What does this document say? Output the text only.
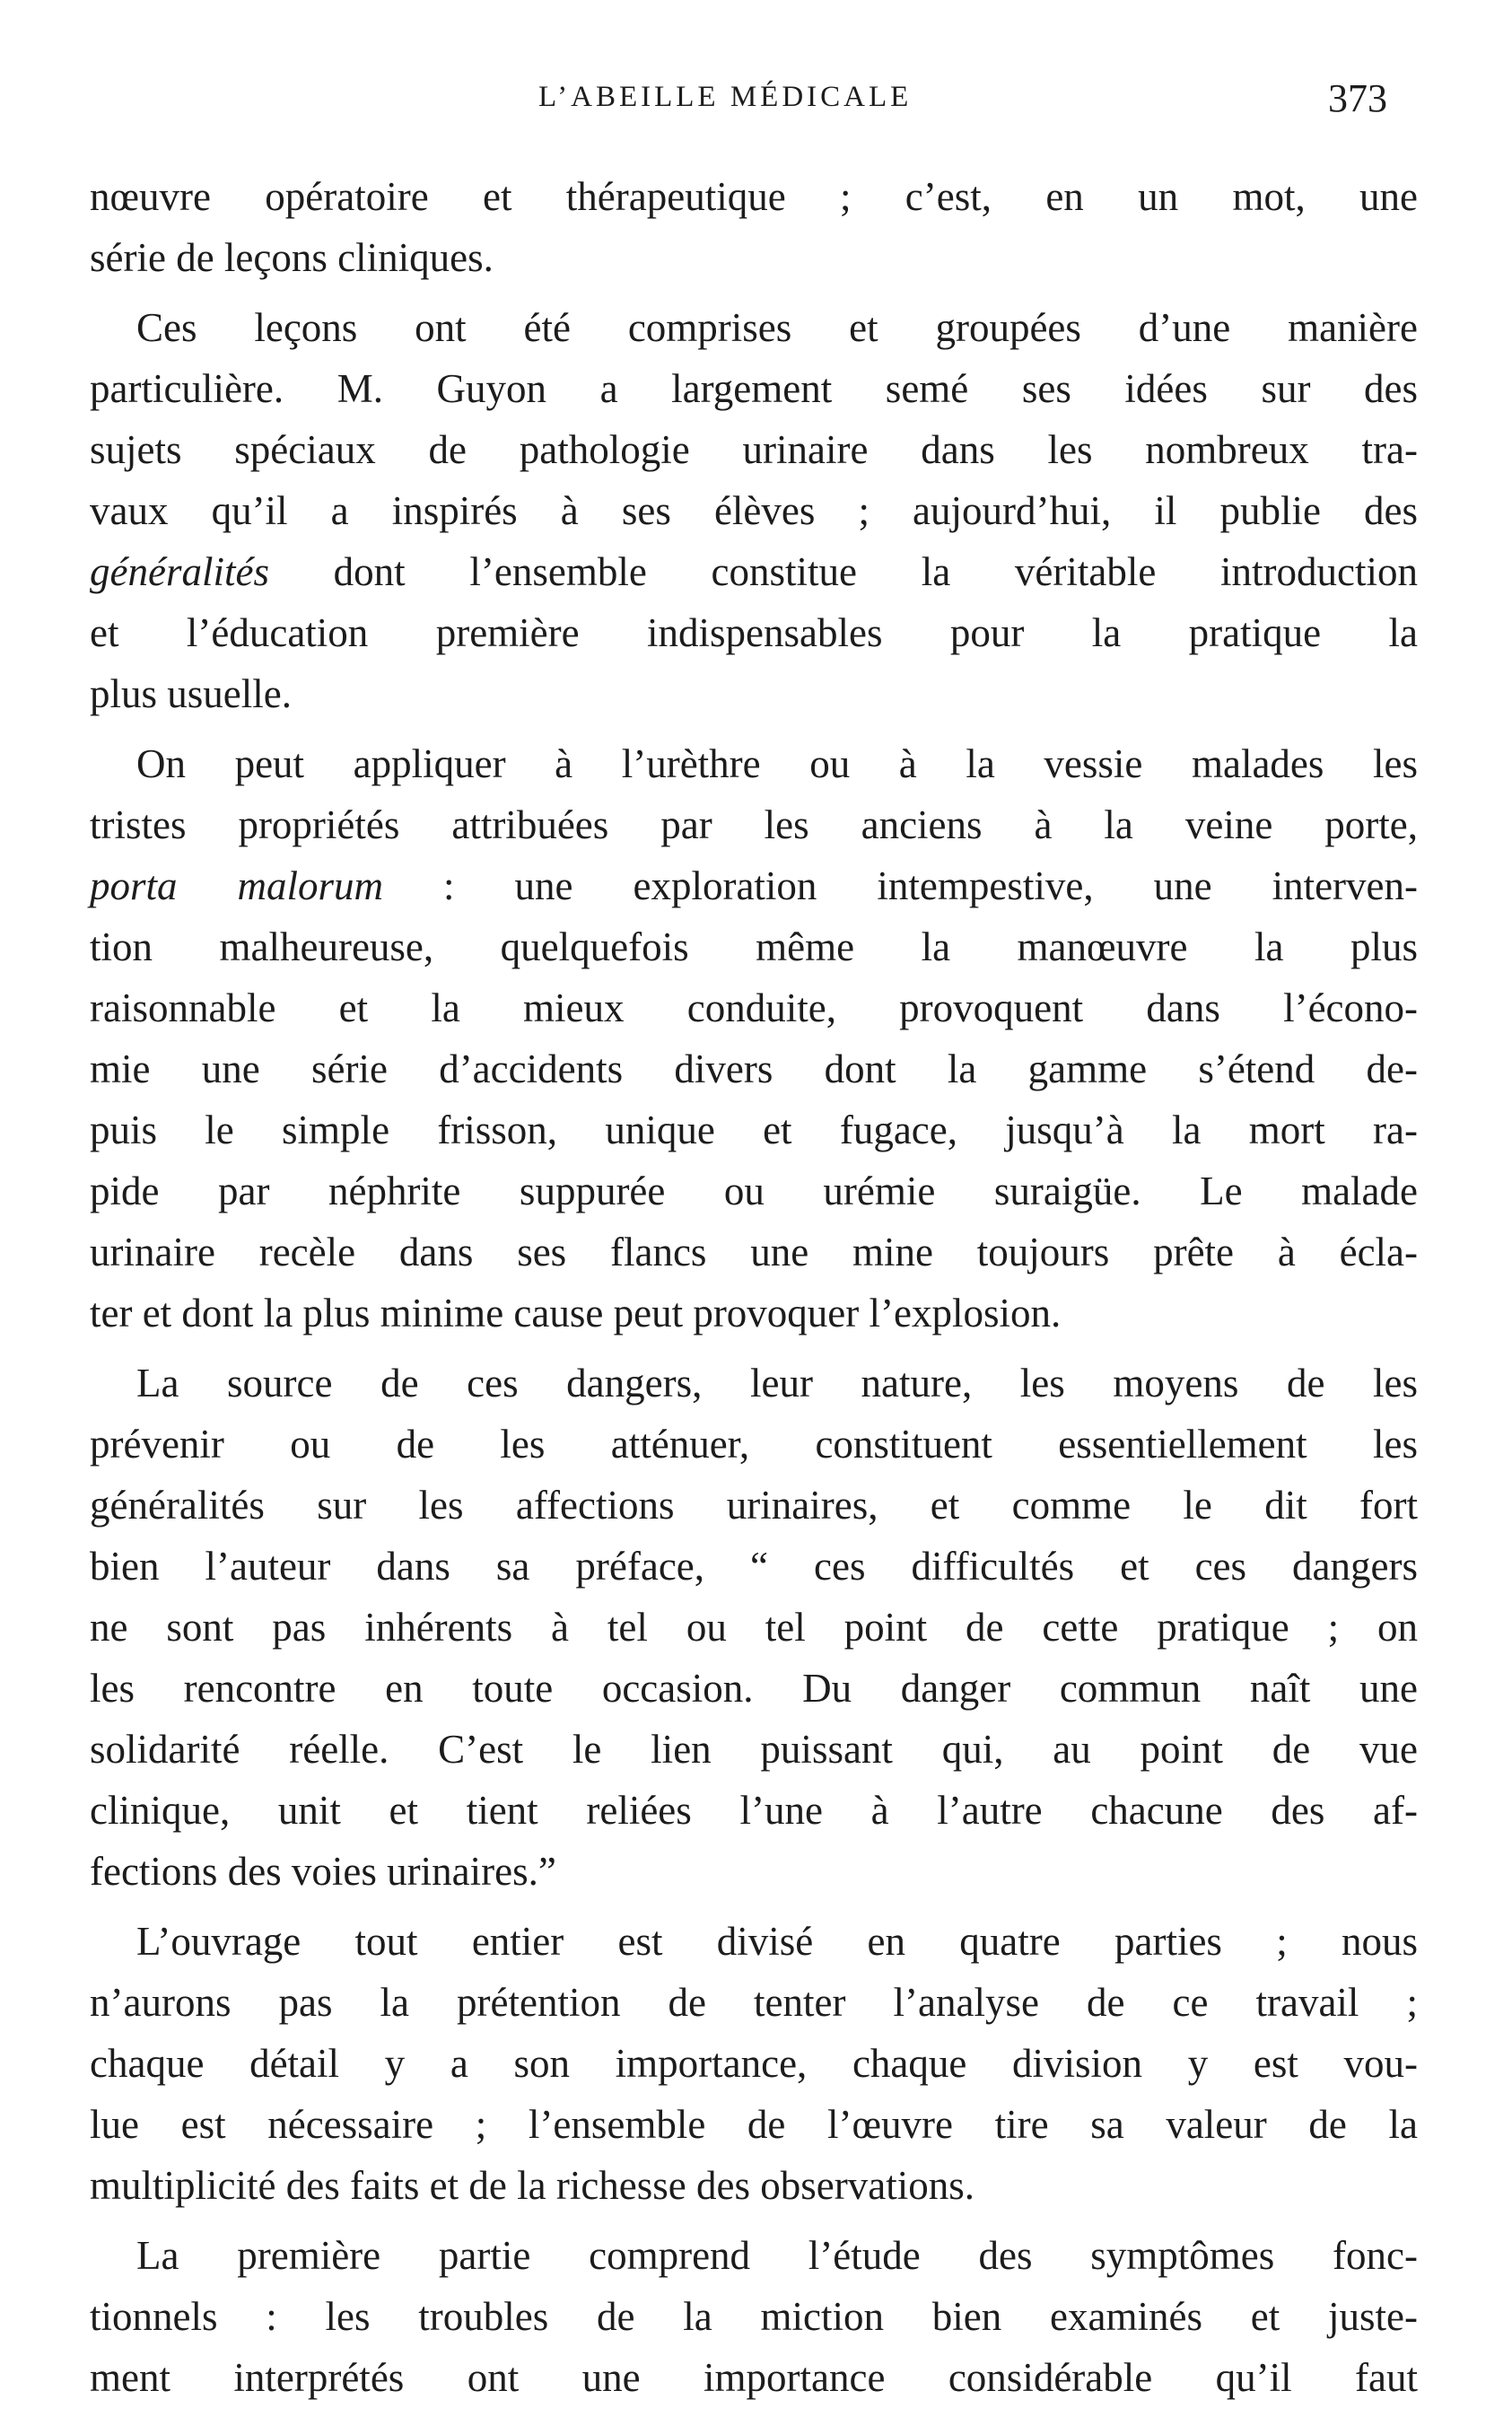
L’ABEILLE MÉDICALE	373
nœuvre opératoire et thérapeutique ; c’est, en un mot, une
série de leçons cliniques.
Ces leçons ont été comprises et groupées d’une manière
particulière. M. Guyon a largement semé ses idées sur des
sujets spéciaux de pathologie urinaire dans les nombreux tra-
vaux qu’il a inspirés à ses élèves ; aujourd’hui, il publie des
généralités dont l’ensemble constitue la véritable introduction
et l’éducation première indispensables pour la pratique la
plus usuelle.
On peut appliquer à l’urèthre ou à la vessie malades les
tristes propriétés attribuées par les anciens à la veine porte,
porta malorum : une exploration intempestive, une interven-
tion malheureuse, quelquefois même la manœuvre la plus
raisonnable et la mieux conduite, provoquent dans l’écono-
mie une série d’accidents divers dont la gamme s’étend de-
puis le simple frisson, unique et fugace, jusqu’à la mort ra-
pide par néphrite suppurée ou urémie suraigüe. Le malade
urinaire recèle dans ses flancs une mine toujours prête à écla-
ter et dont la plus minime cause peut provoquer l’explosion.
La source de ces dangers, leur nature, les moyens de les
prévenir ou de les atténuer, constituent essentiellement les
généralités sur les affections urinaires, et comme le dit fort
bien l’auteur dans sa préface, “ ces difficultés et ces dangers
ne sont pas inhérents à tel ou tel point de cette pratique ; on
les rencontre en toute occasion. Du danger commun naît une
solidarité réelle. C’est le lien puissant qui, au point de vue
clinique, unit et tient reliées l’une à l’autre chacune des af-
fections des voies urinaires.”
L’ouvrage tout entier est divisé en quatre parties ; nous
n’aurons pas la prétention de tenter l’analyse de ce travail ;
chaque détail y a son importance, chaque division y est vou-
lue est nécessaire ; l’ensemble de l’œuvre tire sa valeur de la
multiplicité des faits et de la richesse des observations.
La première partie comprend l’étude des symptômes fonc-
tionnels : les troubles de la miction bien examinés et juste-
ment interprétés ont une importance considérable qu’il faut
